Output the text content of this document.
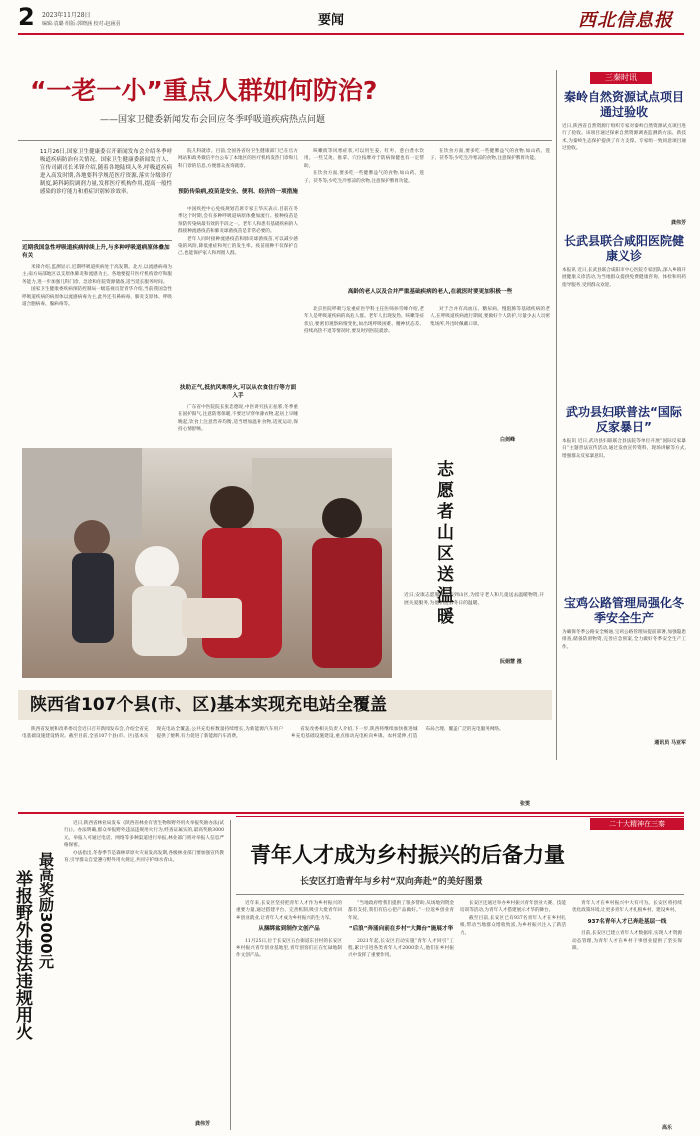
2 2023年11月28日
编辑:袁璐 组版:郭晓涵 校对:赵涵羽	要闻	西北信息报
“一老一小”重点人群如何防治?
——国家卫健委新闻发布会回应冬季呼吸道疾病热点问题
三秦时讯
秦岭自然资源试点项目通过验收
近日,陕西省自然资源厅组织专家对秦岭自然资源试点项目进行了验收。该项目通过探索自然资源调查监测新方法、新技术,为秦岭生态保护提供了有力支撑。专家组一致同意项目通过验收。
龚伟芳
长武县联合咸阳医院健康义诊
本报讯 近日,长武县联合咸阳市中心医院专家团队,深入乡镇开展健康义诊活动,为当地群众提供免费健康咨询、体检和用药指导服务,受到群众欢迎。
武功县妇联普法“国际反家暴日”
本报讯 近日,武功县妇联联合县法院等单位开展“国际反家暴日”主题普法宣传活动,通过发放宣传资料、现场讲解等方式,增强群众反家暴意识。
宝鸡公路管理局强化冬季安全生产
为确保冬季公路安全畅通,宝鸡公路管理局提前部署,加强隐患排查,储备防滑物资,完善应急预案,全力做好冬季安全生产工作。
通讯员 马亚军
11月26日,国家卫生健康委召开新闻发布会介绍冬季呼吸道疾病防治有关情况。国家卫生健康委新闻发言人、宣传司副司长米锋介绍,随着各地陆续入冬,呼吸道疾病进入高发时期,各地要科学规范医疗资源,落实分级诊疗制度,跨科跨院调剂力量,发挥医疗机构作用,提高一般性感染的诊疗能力和重症识别转诊效率。
近期我国急性呼吸道疾病持续上升,与多种呼吸道病原体叠加有关

米锋介绍,监测显示,近期呼吸道疾病处于高发期。北方,以流感病毒为主;南方局部地区以支原体肺炎和流感为主。各地要提升医疗机构诊疗和服务能力,进一步加强儿科门诊、急诊和住院资源储备,适当延长服务时间。

国家卫生健康委疾病预防控制局一级巡视员贺青华介绍,当前我国急性呼吸道疾病的病原体以流感病毒为主,此外还有鼻病毒、肺炎支原体、呼吸道合胞病毒、腺病毒等。

院儿科就诊。目前,全国各省份卫生健康部门已在官方网站和政务微信平台公布了本地区的医疗机构发热门诊和儿科门诊的信息,方便群众查询就诊。

预防传染病,疫苗是安全、便利、经济的一项措施

中国疾控中心免疫规划首席专家王华庆表示,目前在冬季这个时期,会有多种呼吸道病原体叠加流行。接种疫苗是预防传染病最有效的手段之一。老年人和患有基础疾病的人群接种流感疫苗和肺炎球菌疫苗是非常必要的。

老年人同时接种流感疫苗和肺炎球菌疫苗,可以减少感染的风险,降低重症和死亡的发生率。疫苗接种不仅保护自己,也能保护家人和周围人群。

扶助正气,抵抗风寒得火,可以从衣食住行等方面入手

广东省中医院院长张忠德说,中医讲究扶正祛邪,冬季重在固护阳气,注意防寒保暖,不要过早穿单薄衣物,起居上早睡晚起,饮食上注意营养均衡,适当增加温补食物,适度运动,保持心情舒畅。

咳嗽痰等风寒症状,可以用生姜、红枣、葱白煮水饮用。一些艾灸、推拿、穴位按摩对于防病保健也有一定帮助。

在饮食方面,要多吃一些健脾益气的食物,如山药、莲子、茯苓等;少吃生冷寒凉的食物,注意保护脾胃功能。

在饮食方面,要多吃一些健脾益气的食物,如山药、莲子、茯苓等;少吃生冷寒凉的食物,注意保护脾胃功能。

高龄的老人以及合并严重基础疾病的老人,在就医时要更加积极一些

北京医院呼吸与危重症医学科主任医师孙雪峰介绍,老年人是呼吸道疾病的高危人群。老年人出现发热、咳嗽等症状后,要密切观察病情变化,如出现呼吸困难、精神状态差、持续高热不退等情况时,要及时到医院就诊。

对于合并有高血压、糖尿病、慢阻肺等基础疾病的老人,在呼吸道疾病流行期间,要做好个人防护,尽量少去人员密集场所,外出时佩戴口罩。

白剑峰
志愿者山区送温暖
近日,安康志愿服务者来到山区,为留守老人和儿童送去温暖物资,开展关爱服务,为他们送去冬日的温暖。
阮娟慧 摄
陕西省107个县(市、区)基本实现充电站全覆盖

陕西省发展和改革委员会近日召开新闻发布会,介绍全省充电基础设施建设情况。截至目前,全省107个县(市、区)基本实现充电站全覆盖,公共充电桩数量持续增长,为新能源汽车用户提供了便利,有力促进了新能源汽车消费。

省发改委相关负责人介绍,下一步,陕西将继续加快推进城乡充电基础设施建设,重点推动充电桩向乡镇、农村延伸,打造布局合理、覆盖广泛的充电服务网络。

张雯

近日,陕西省林业局发布《陕西省林业有害生物和野外用火举报奖励办法(试行)》。办法明确,群众举报野外违法违规用火行为,经查证属实的,最高奖励3000元。举报人可通过电话、网络等多种渠道进行举报,林业部门将对举报人信息严格保密。

办法指出,冬春季节是森林草原火灾易发高发期,各级林业部门要加强宣传教育,引导群众自觉遵守野外用火规定,共同守护绿水青山。

举报野外违法违规用火 最高奖励3000元
龚伟芳
二十大精神在三秦
青年人才成为乡村振兴的后备力量
长安区打造青年与乡村“双向奔赴”的美好图景

近年来,长安区坚持把青年人才作为乡村振兴的重要力量,通过搭建平台、完善机制,吸引大批青年回乡创业就业,让青年人才成为乡村振兴的生力军。

从捆绑盆到制作文创产品

11月25日,位于长安区五台街道东甘村的长安区乡村振兴青年创业基地里,青年创客们正在忙碌地制作文创产品。

“当地政府给我们提供了很多帮助,从场地到资金都有支持,我们有信心把产品做好。”一位返乡创业青年说。

“后浪”奔涌向前在乡村“大舞台”施展才华

2021年起,长安区启动实施“青年人才回引”工程,累计引进各类青年人才2000余人,他们在乡村振兴中发挥了重要作用。

长安区还通过举办乡村振兴青年创业大赛、技能培训等活动,为青年人才搭建展示才华的舞台。

截至目前,长安区已有937名青年人才在乡村扎根,带动当地群众增收致富,为乡村振兴注入了新活力。

青年人才在乡村振兴中大有可为。长安区将持续优化政策环境,让更多青年人才扎根乡村、建设乡村。

937名青年人才已奔赴基层一线

目前,长安区已建立青年人才数据库,实现人才资源动态管理,为青年人才在乡村干事创业提供了坚实保障。

高乐
